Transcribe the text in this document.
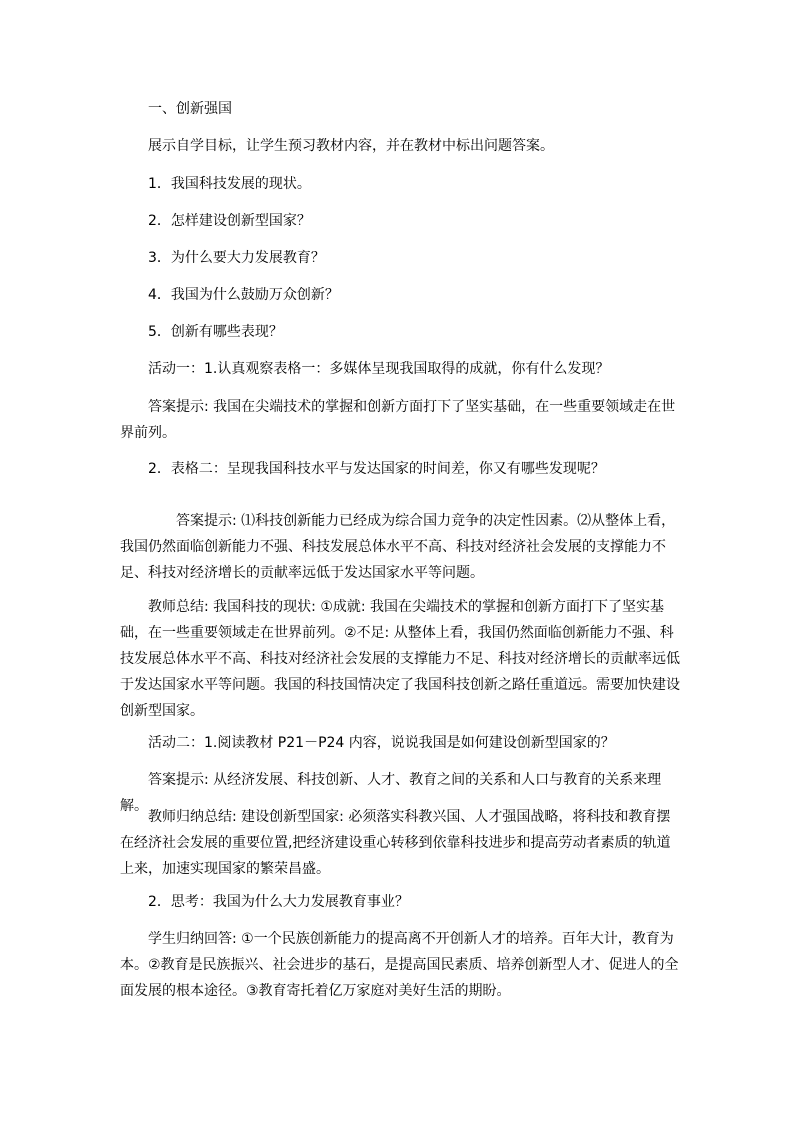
一、创新强国

展示自学目标，让学生预习教材内容，并在教材中标出问题答案。

1．我国科技发展的现状。

2．怎样建设创新型国家？

3．为什么要大力发展教育？

4．我国为什么鼓励万众创新？

5．创新有哪些表现？

活动一：1.认真观察表格一：多媒体呈现我国取得的成就，你有什么发现？

答案提示: 我国在尖端技术的掌握和创新方面打下了坚实基础，在一些重要领域走在世界前列。

2．表格二：呈现我国科技水平与发达国家的时间差，你又有哪些发现呢？

答案提示: ⑴科技创新能力已经成为综合国力竞争的决定性因素。⑵从整体上看，我国仍然面临创新能力不强、科技发展总体水平不高、科技对经济社会发展的支撑能力不足、科技对经济增长的贡献率远低于发达国家水平等问题。

教师总结: 我国科技的现状: ①成就: 我国在尖端技术的掌握和创新方面打下了坚实基础，在一些重要领域走在世界前列。②不足: 从整体上看，我国仍然面临创新能力不强、科技发展总体水平不高、科技对经济社会发展的支撑能力不足、科技对经济增长的贡献率远低于发达国家水平等问题。我国的科技国情决定了我国科技创新之路任重道远。需要加快建设创新型国家。

活动二：1.阅读教材 P21－P24 内容，说说我国是如何建设创新型国家的？

答案提示: 从经济发展、科技创新、人才、教育之间的关系和人口与教育的关系来理解。

教师归纳总结: 建设创新型国家: 必须落实科教兴国、人才强国战略，将科技和教育摆在经济社会发展的重要位置,把经济建设重心转移到依靠科技进步和提高劳动者素质的轨道上来，加速实现国家的繁荣昌盛。

2．思考：我国为什么大力发展教育事业？

学生归纳回答: ①一个民族创新能力的提高离不开创新人才的培养。百年大计，教育为本。②教育是民族振兴、社会进步的基石，是提高国民素质、培养创新型人才、促进人的全面发展的根本途径。③教育寄托着亿万家庭对美好生活的期盼。
